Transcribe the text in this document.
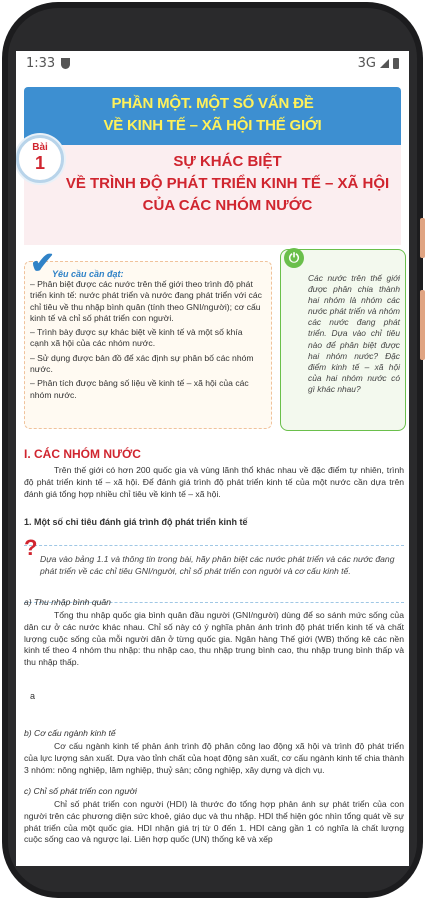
1:33	3G
PHẦN MỘT. MỘT SỐ VẤN ĐỀ
VỀ KINH TẾ – XÃ HỘI THẾ GIỚI
Bài
1	SỰ KHÁC BIỆT
VỀ TRÌNH ĐỘ PHÁT TRIỂN KINH TẾ – XÃ HỘI
CỦA CÁC NHÓM NƯỚC
✔
Yêu cầu cần đạt:

– Phân biệt được các nước trên thế giới theo trình độ phát triển kinh tế: nước phát triển và nước đang phát triển với các chỉ tiêu về thu nhập bình quân (tính theo GNI/người); cơ cấu kinh tế và chỉ số phát triển con người.

– Trình bày được sự khác biệt về kinh tế và một số khía cạnh xã hội của các nhóm nước.

– Sử dụng được bản đồ để xác định sự phân bố các nhóm nước.

– Phân tích được bảng số liệu về kinh tế – xã hội của các nhóm nước.

⏻
Các nước trên thế giới được phân chia thành hai nhóm là nhóm các nước phát triển và nhóm các nước đang phát triển. Dựa vào chỉ tiêu nào để phân biệt được hai nhóm nước? Đặc điểm kinh tế – xã hội của hai nhóm nước có gì khác nhau?
I. CÁC NHÓM NƯỚC
Trên thế giới có hơn 200 quốc gia và vùng lãnh thổ khác nhau về đặc điểm tự nhiên, trình độ phát triển kinh tế – xã hội. Để đánh giá trình độ phát triển kinh tế của một nước cần dựa trên đánh giá tổng hợp nhiều chỉ tiêu về kinh tế – xã hội.
1. Một số chỉ tiêu đánh giá trình độ phát triển kinh tế
? Dựa vào bảng 1.1 và thông tin trong bài, hãy phân biệt các nước phát triển và các nước đang phát triển về các chỉ tiêu GNI/người, chỉ số phát triển con người và cơ cấu kinh tế.
a) Thu nhập bình quân
Tổng thu nhập quốc gia bình quân đầu người (GNI/người) dùng để so sánh mức sống của dân cư ở các nước khác nhau. Chỉ số này có ý nghĩa phản ánh trình độ phát triển kinh tế và chất lượng cuộc sống của mỗi người dân ở từng quốc gia. Ngân hàng Thế giới (WB) thống kê các nền kinh tế theo 4 nhóm thu nhập: thu nhập cao, thu nhập trung bình cao, thu nhập trung bình thấp và thu nhập thấp.
a
b) Cơ cấu ngành kinh tế
Cơ cấu ngành kinh tế phản ánh trình độ phân công lao động xã hội và trình độ phát triển của lực lượng sản xuất. Dựa vào tỉnh chất của hoạt động sản xuất, cơ cấu ngành kinh tế chia thành 3 nhóm: nông nghiệp, lâm nghiệp, thuỷ sản; công nghiệp, xây dựng và dịch vụ.
c) Chỉ số phát triển con người
Chỉ số phát triển con người (HDI) là thước đo tổng hợp phản ánh sự phát triển của con người trên các phương diện sức khoẻ, giáo dục và thu nhập. HDI thể hiện góc nhìn tổng quát về sự phát triển của một quốc gia. HDI nhận giá trị từ 0 đến 1. HDI càng gần 1 có nghĩa là chất lượng cuộc sống cao và ngược lại. Liên hợp quốc (UN) thống kê và xếp
